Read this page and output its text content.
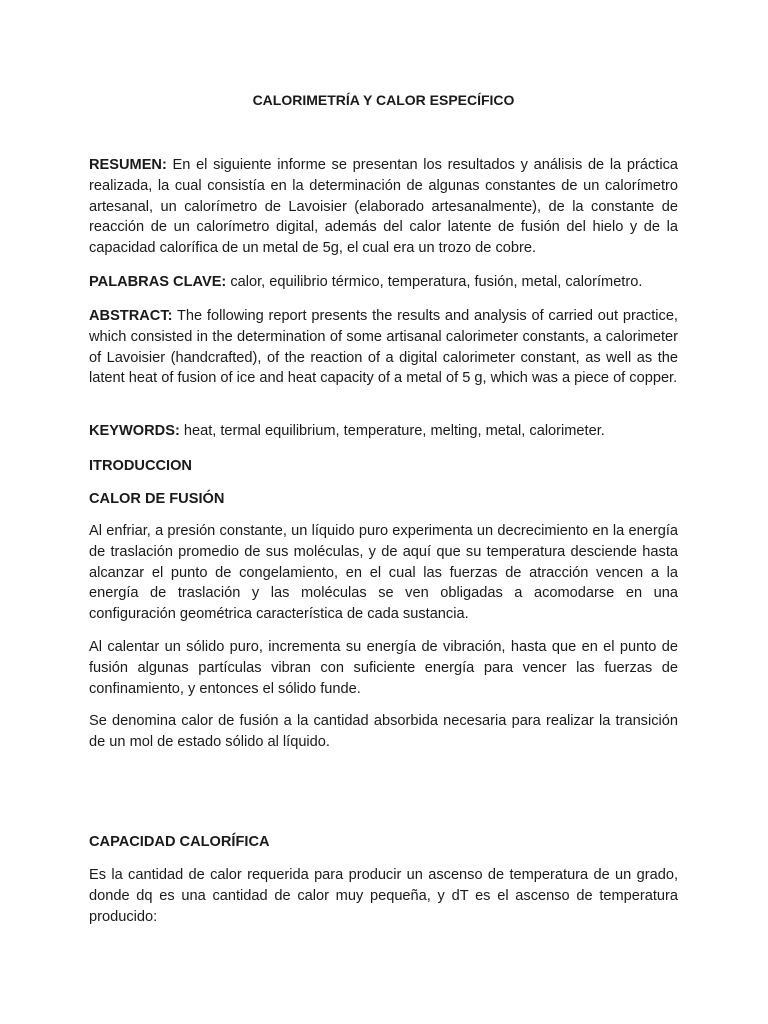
CALORIMETRÍA Y CALOR ESPECÍFICO

RESUMEN: En el siguiente informe se presentan los resultados y análisis de la práctica realizada, la cual consistía en la determinación de algunas constantes de un calorímetro artesanal, un calorímetro de Lavoisier (elaborado artesanalmente), de la constante de reacción de un calorímetro digital, además del calor latente de fusión del hielo y de la capacidad calorífica de un metal de 5g, el cual era un trozo de cobre.

PALABRAS CLAVE: calor, equilibrio térmico, temperatura, fusión, metal, calorímetro.

ABSTRACT: The following report presents the results and analysis of carried out practice, which consisted in the determination of some artisanal calorimeter constants, a calorimeter of Lavoisier (handcrafted), of the reaction of a digital calorimeter constant, as well as the latent heat of fusion of ice and heat capacity of a metal of 5 g, which was a piece of copper.

KEYWORDS: heat, termal equilibrium, temperature, melting, metal, calorimeter.

ITRODUCCION
CALOR DE FUSIÓN

Al enfriar, a presión constante, un líquido puro experimenta un decrecimiento en la energía de traslación promedio de sus moléculas, y de aquí que su temperatura desciende hasta alcanzar el punto de congelamiento, en el cual las fuerzas de atracción vencen a la energía de traslación y las moléculas se ven obligadas a acomodarse en una configuración geométrica característica de cada sustancia.

Al calentar un sólido puro, incrementa su energía de vibración, hasta que en el punto de fusión algunas partículas vibran con suficiente energía para vencer las fuerzas de confinamiento, y entonces el sólido funde.

Se denomina calor de fusión a la cantidad absorbida necesaria para realizar la transición de un mol de estado sólido al líquido.

CAPACIDAD CALORÍFICA

Es la cantidad de calor requerida para producir un ascenso de temperatura de un grado, donde dq es una cantidad de calor muy pequeña, y dT es el ascenso de temperatura producido:
